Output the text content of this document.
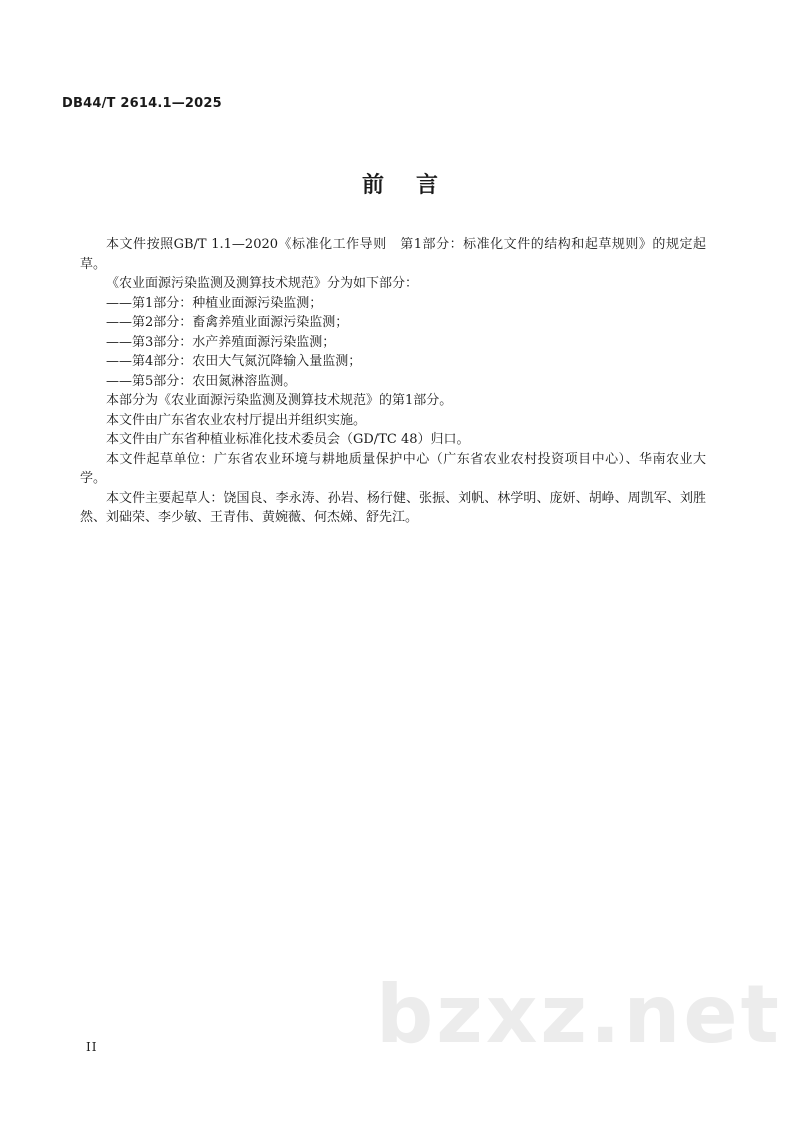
DB44/T 2614.1—2025
前言

本文件按照GB/T 1.1—2020《标准化工作导则　第1部分：标准化文件的结构和起草规则》的规定起草。

《农业面源污染监测及测算技术规范》分为如下部分：

——第1部分：种植业面源污染监测；

——第2部分：畜禽养殖业面源污染监测；

——第3部分：水产养殖面源污染监测；

——第4部分：农田大气氮沉降输入量监测；

——第5部分：农田氮淋溶监测。

本部分为《农业面源污染监测及测算技术规范》的第1部分。

本文件由广东省农业农村厅提出并组织实施。

本文件由广东省种植业标准化技术委员会（GD/TC 48）归口。

本文件起草单位：广东省农业环境与耕地质量保护中心（广东省农业农村投资项目中心）、华南农业大学。

本文件主要起草人：饶国良、李永涛、孙岩、杨行健、张振、刘帆、林学明、庞妍、胡峥、周凯军、刘胜然、刘础荣、李少敏、王青伟、黄婉薇、何杰娣、舒先江。

II	bzxz.net
